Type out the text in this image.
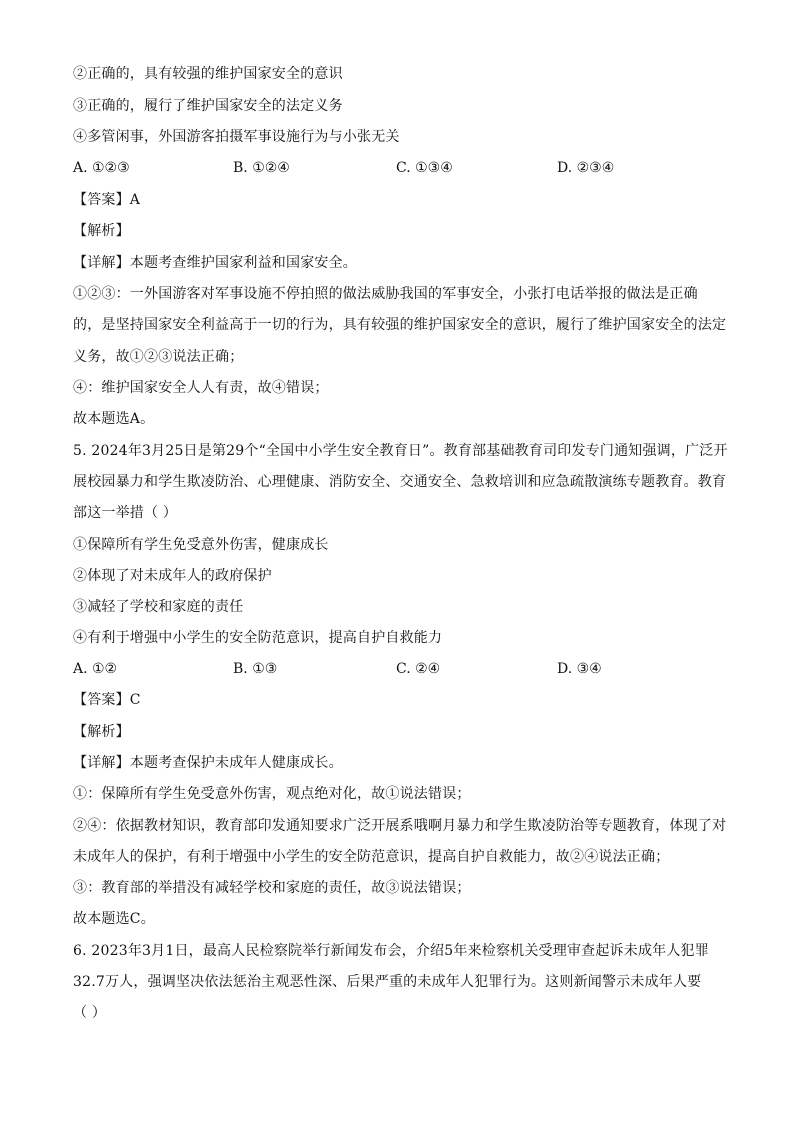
②正确的，具有较强的维护国家安全的意识
③正确的，履行了维护国家安全的法定义务
④多管闲事，外国游客拍摄军事设施行为与小张无关
A. ①②③	B. ①②④	C. ①③④	D. ②③④
【答案】A
【解析】
【详解】本题考查维护国家利益和国家安全。
①②③：一外国游客对军事设施不停拍照的做法威胁我国的军事安全，小张打电话举报的做法是正确
的，是坚持国家安全利益高于一切的行为，具有较强的维护国家安全的意识，履行了维护国家安全的法定
义务，故①②③说法正确；
④：维护国家安全人人有责，故④错误；
故本题选A。
5. 2024年3月25日是第29个“全国中小学生安全教育日”。教育部基础教育司印发专门通知强调，广泛开
展校园暴力和学生欺凌防治、心理健康、消防安全、交通安全、急救培训和应急疏散演练专题教育。教育
部这一举措（ ）
①保障所有学生免受意外伤害，健康成长
②体现了对未成年人的政府保护
③减轻了学校和家庭的责任
④有利于增强中小学生的安全防范意识，提高自护自救能力
A. ①②	B. ①③	C. ②④	D. ③④
【答案】C
【解析】
【详解】本题考查保护未成年人健康成长。
①：保障所有学生免受意外伤害，观点绝对化，故①说法错误；
②④：依据教材知识，教育部印发通知要求广泛开展系哦啊月暴力和学生欺凌防治等专题教育，体现了对
未成年人的保护，有利于增强中小学生的安全防范意识，提高自护自救能力，故②④说法正确；
③：教育部的举措没有减轻学校和家庭的责任，故③说法错误；
故本题选C。
6. 2023年3月1日，最高人民检察院举行新闻发布会，介绍5年来检察机关受理审查起诉未成年人犯罪
32.7万人，强调坚决依法惩治主观恶性深、后果严重的未成年人犯罪行为。这则新闻警示未成年人要
（ ）
